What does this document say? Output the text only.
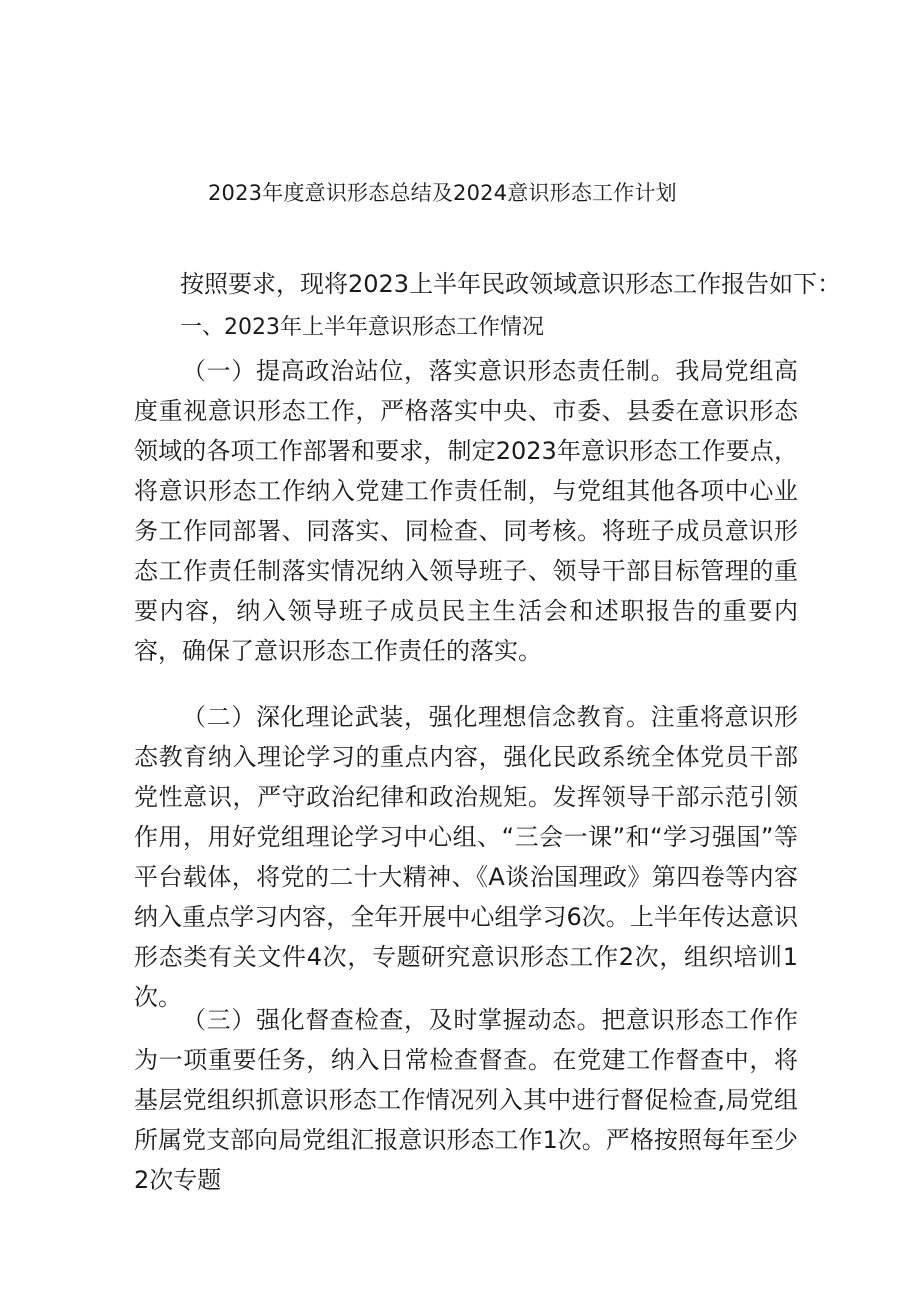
2023年度意识形态总结及2024意识形态工作计划
按照要求，现将2023上半年民政领域意识形态工作报告如下：
一、2023年上半年意识形态工作情况

（一）提高政治站位，落实意识形态责任制。我局党组高度重视意识形态工作，严格落实中央、市委、县委在意识形态领域的各项工作部署和要求，制定2023年意识形态工作要点，将意识形态工作纳入党建工作责任制，与党组其他各项中心业务工作同部署、同落实、同检查、同考核。将班子成员意识形态工作责任制落实情况纳入领导班子、领导干部目标管理的重要内容，纳入领导班子成员民主生活会和述职报告的重要内容，确保了意识形态工作责任的落实。

（二）深化理论武装，强化理想信念教育。注重将意识形态教育纳入理论学习的重点内容，强化民政系统全体党员干部党性意识，严守政治纪律和政治规矩。发挥领导干部示范引领作用，用好党组理论学习中心组、“三会一课”和“学习强国”等平台载体，将党的二十大精神、《A谈治国理政》第四卷等内容纳入重点学习内容，全年开展中心组学习6次。上半年传达意识形态类有关文件4次，专题研究意识形态工作2次，组织培训1次。

（三）强化督查检查，及时掌握动态。把意识形态工作作为一项重要任务，纳入日常检查督查。在党建工作督查中，将基层党组织抓意识形态工作情况列入其中进行督促检查,局党组所属党支部向局党组汇报意识形态工作1次。严格按照每年至少2次专题
